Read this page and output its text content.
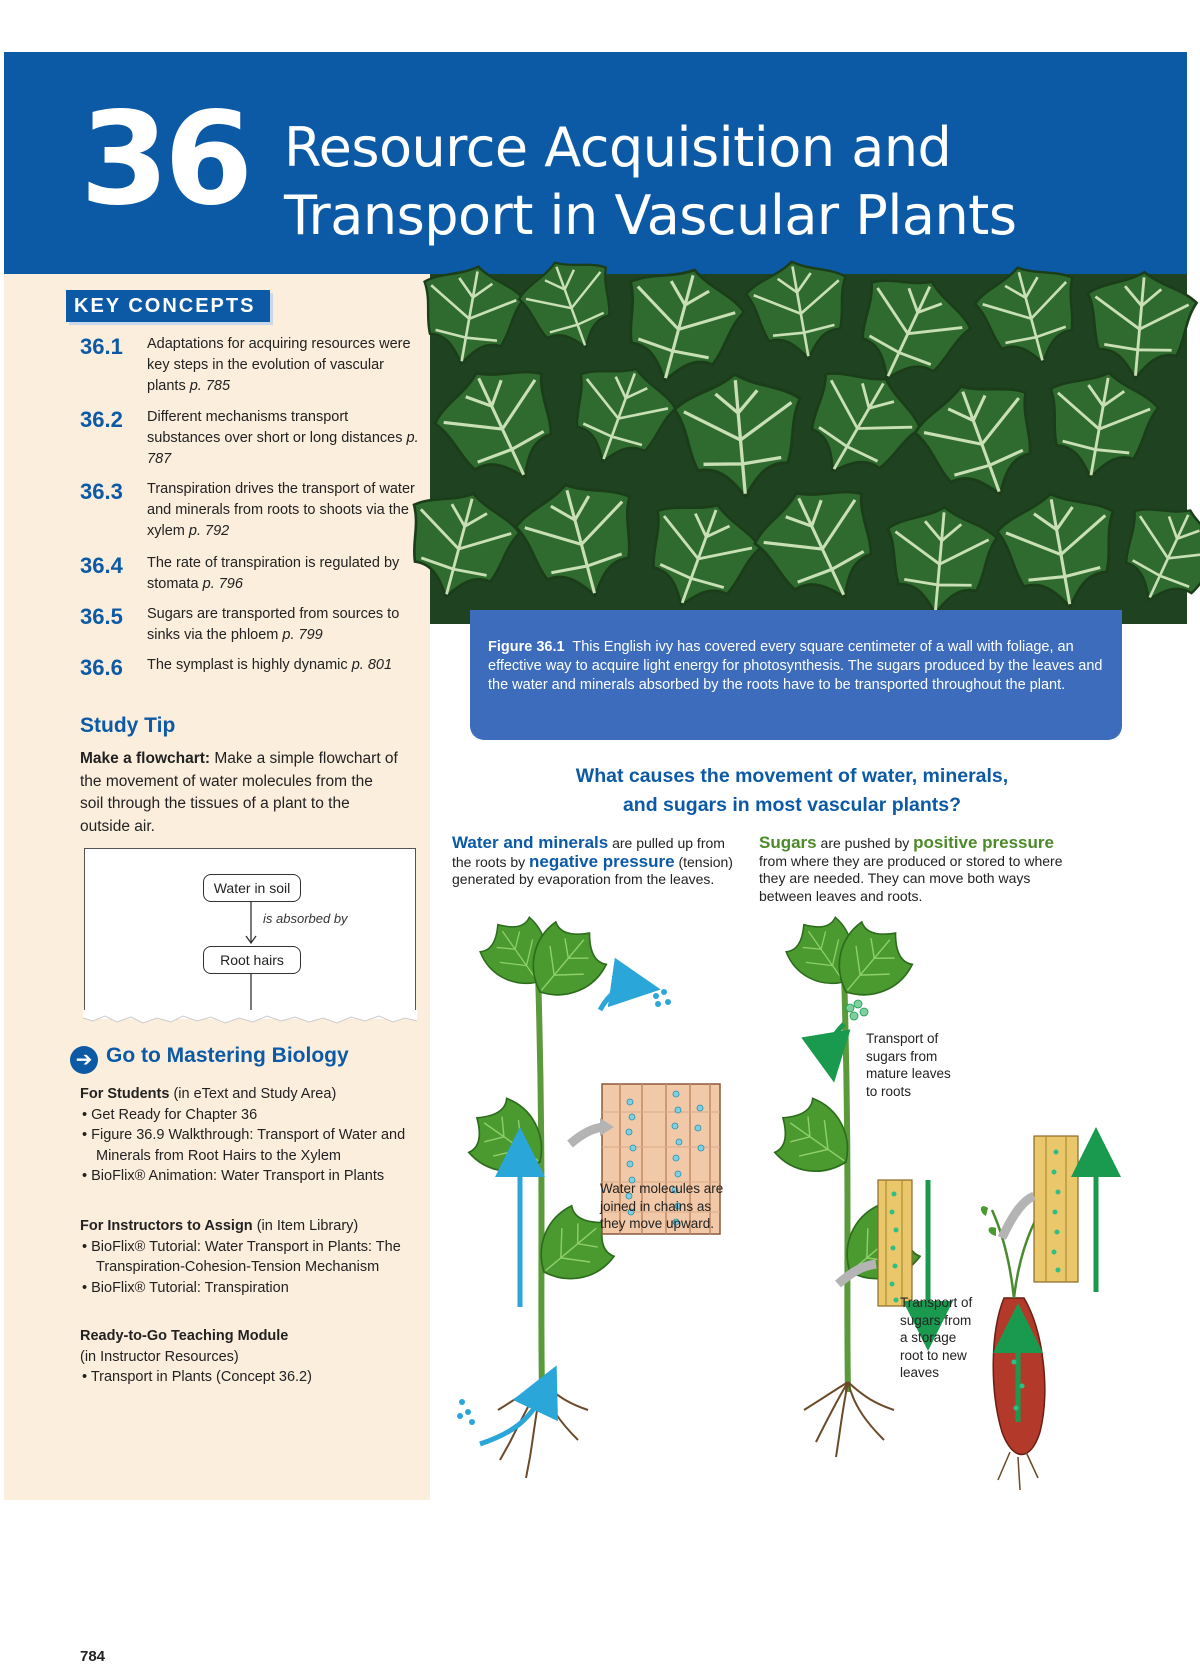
36 Resource Acquisition and
Transport in Vascular Plants
KEY CONCEPTS
36.1 Adaptations for acquiring resources were key steps in the evolution of vascular plants p. 785
36.2 Different mechanisms transport substances over short or long distances p. 787
36.3 Transpiration drives the transport of water and minerals from roots to shoots via the xylem p. 792
36.4 The rate of transpiration is regulated by stomata p. 796
36.5 Sugars are transported from sources to sinks via the phloem p. 799
36.6 The symplast is highly dynamic p. 801
Study Tip
Make a flowchart: Make a simple flowchart of the movement of water molecules from the soil through the tissues of a plant to the outside air.
Water in soil
is absorbed by
Root hairs
➔ Go to Mastering Biology
For Students (in eText and Study Area)
• Get Ready for Chapter 36
• Figure 36.9 Walkthrough: Transport of Water and Minerals from Root Hairs to the Xylem
• BioFlix® Animation: Water Transport in Plants
For Instructors to Assign (in Item Library)
• BioFlix® Tutorial: Water Transport in Plants: The Transpiration-Cohesion-Tension Mechanism
• BioFlix® Tutorial: Transpiration
Ready-to-Go Teaching Module
(in Instructor Resources)
• Transport in Plants (Concept 36.2)
784
Figure 36.1 This English ivy has covered every square centimeter of a wall with foliage, an effective way to acquire light energy for photosynthesis. The sugars produced by the leaves and the water and minerals absorbed by the roots have to be transported throughout the plant.
What causes the movement of water, minerals,
and sugars in most vascular plants?
Water and minerals are pulled up from the roots by negative pressure (tension) generated by evaporation from the leaves.
Sugars are pushed by positive pressure from where they are produced or stored to where they are needed. They can move both ways between leaves and roots.
Water molecules are joined in chains as they move upward.
Transport of sugars from mature leaves to roots
Transport of sugars from a storage root to new leaves
